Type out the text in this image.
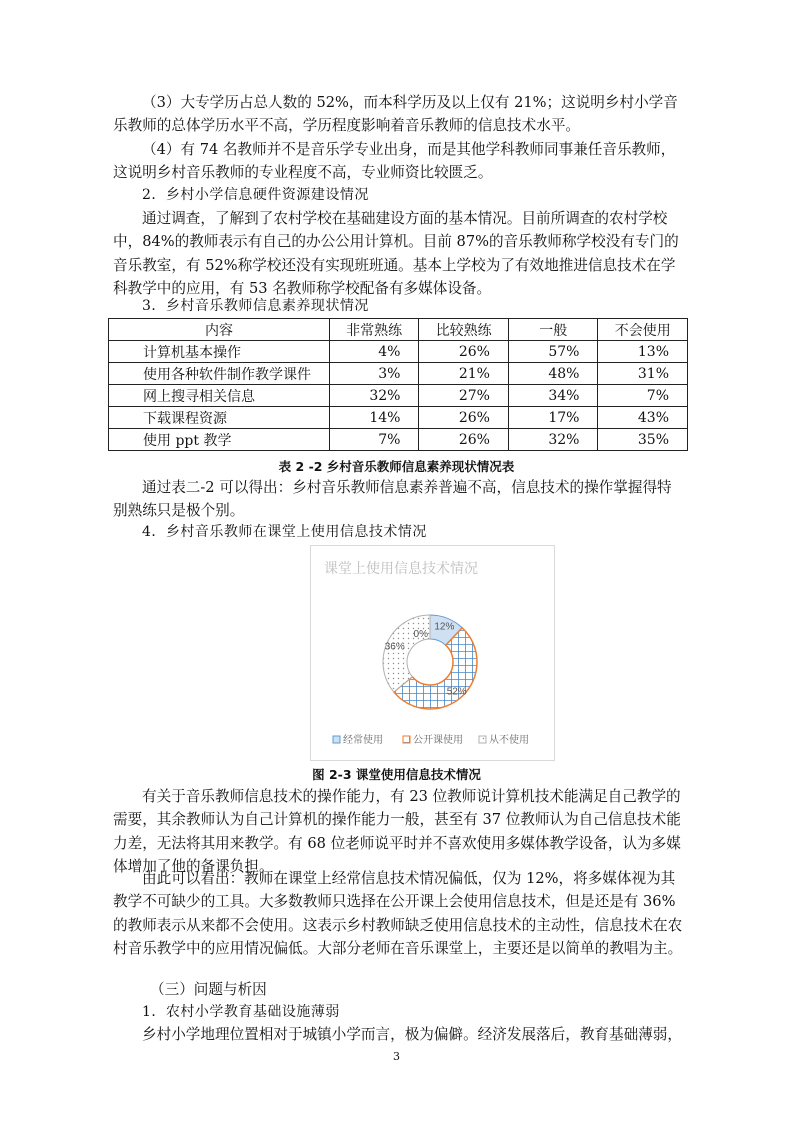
（3）大专学历占总人数的 52%，而本科学历及以上仅有 21%；这说明乡村小学音乐教师的总体学历水平不高，学历程度影响着音乐教师的信息技术水平。

（4）有 74 名教师并不是音乐学专业出身，而是其他学科教师同事兼任音乐教师，这说明乡村音乐教师的专业程度不高，专业师资比较匮乏。

2．乡村小学信息硬件资源建设情况

通过调查，了解到了农村学校在基础建设方面的基本情况。目前所调查的农村学校中，84%的教师表示有自己的办公公用计算机。目前 87%的音乐教师称学校没有专门的音乐教室，有 52%称学校还没有实现班班通。基本上学校为了有效地推进信息技术在学科教学中的应用，有 53 名教师称学校配备有多媒体设备。

3．乡村音乐教师信息素养现状情况

内容	非常熟练	比较熟练	一般	不会使用
计算机基本操作	4%	26%	57%	13%
使用各种软件制作教学课件	3%	21%	48%	31%
网上搜寻相关信息	32%	27%	34%	7%
下载课程资源	14%	26%	17%	43%
使用 ppt 教学	7%	26%	32%	35%

表 2 -2 乡村音乐教师信息素养现状情况表

通过表二-2 可以得出：乡村音乐教师信息素养普遍不高，信息技术的操作掌握得特别熟练只是极个别。

4．乡村音乐教师在课堂上使用信息技术情况

课堂上使用信息技术情况
12%
52%
36%
0%
经常使用	公开课使用	从不使用

图 2-3 课堂使用信息技术情况

有关于音乐教师信息技术的操作能力，有 23 位教师说计算机技术能满足自己教学的需要，其余教师认为自己计算机的操作能力一般，甚至有 37 位教师认为自己信息技术能力差，无法将其用来教学。有 68 位老师说平时并不喜欢使用多媒体教学设备，认为多媒体增加了他的备课负担。

由此可以看出：教师在课堂上经常信息技术情况偏低，仅为 12%，将多媒体视为其教学不可缺少的工具。大多数教师只选择在公开课上会使用信息技术，但是还是有 36%的教师表示从来都不会使用。这表示乡村教师缺乏使用信息技术的主动性，信息技术在农村音乐教学中的应用情况偏低。大部分老师在音乐课堂上，主要还是以简单的教唱为主。

（三）问题与析因

1．农村小学教育基础设施薄弱

乡村小学地理位置相对于城镇小学而言，极为偏僻。经济发展落后，教育基础薄弱，

3
